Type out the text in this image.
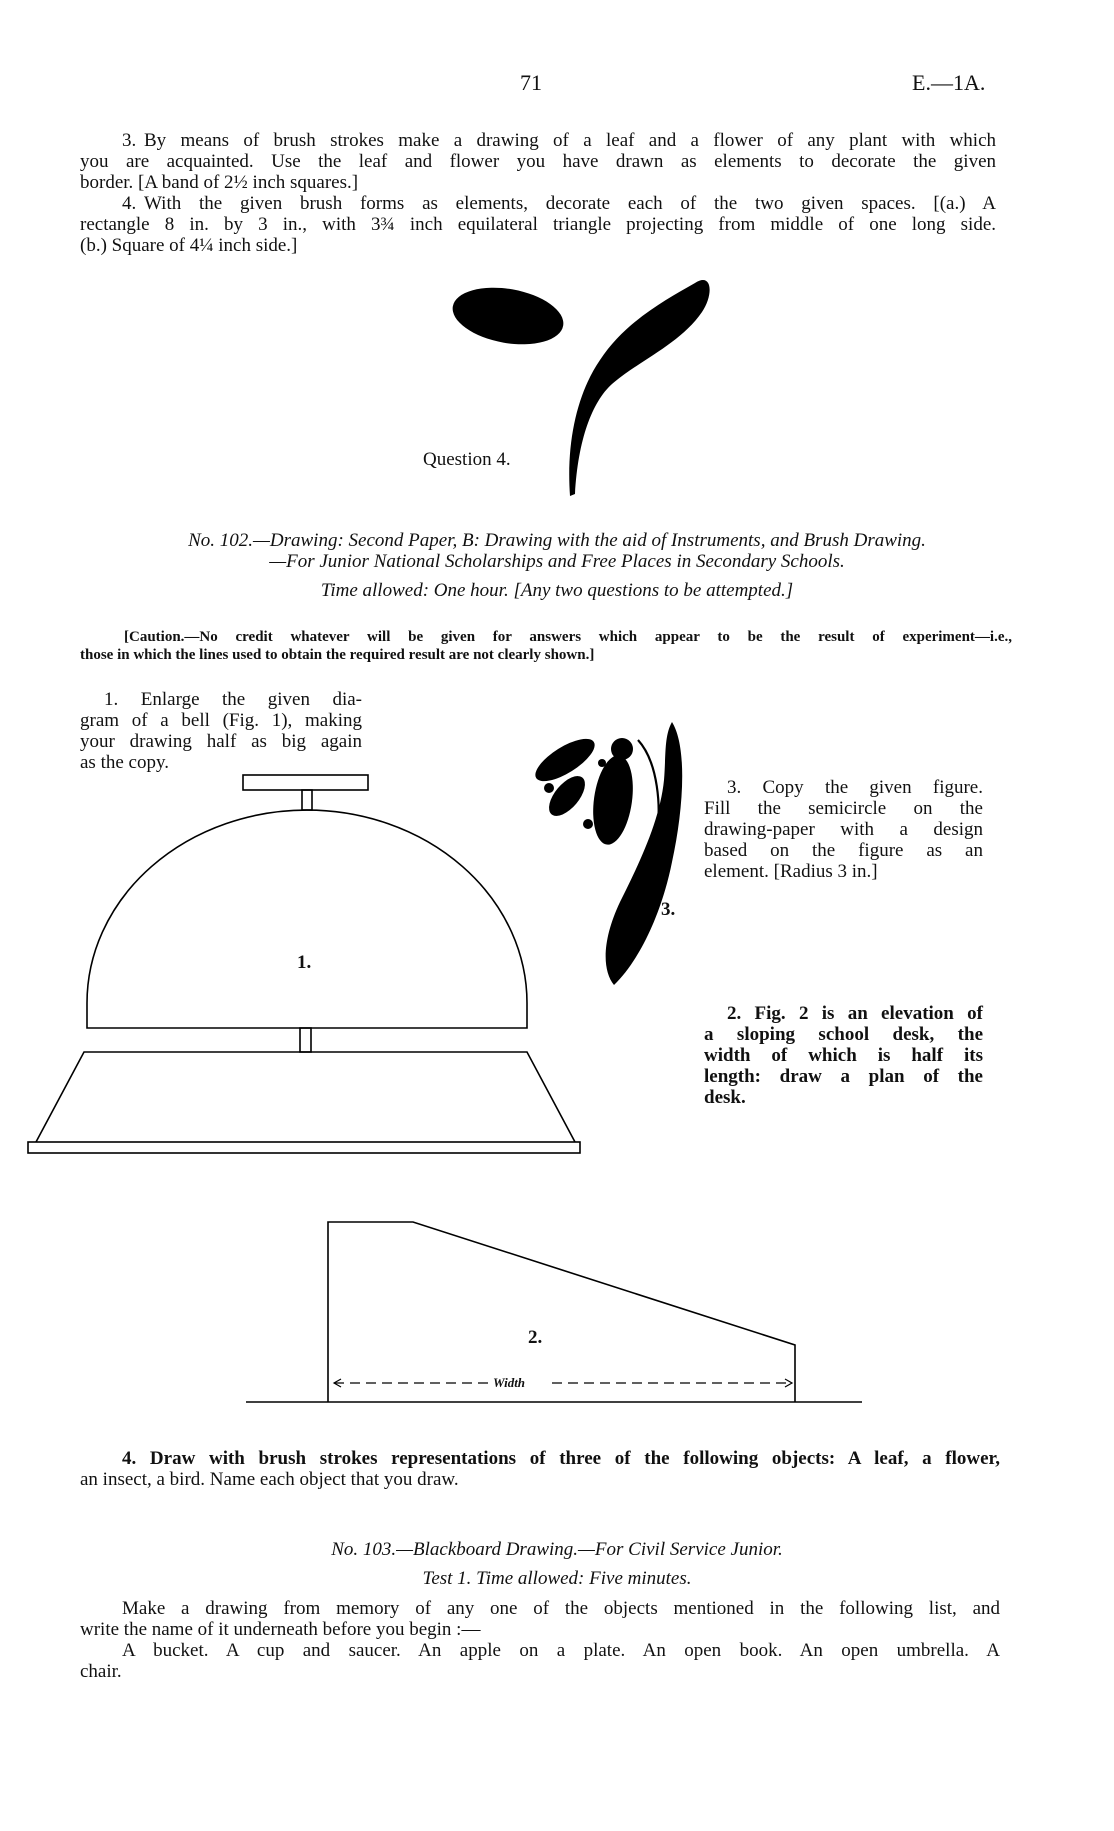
71	E.—1A.
3. By means of brush strokes make a drawing of a leaf and a flower of any plant with which
you are acquainted. Use the leaf and flower you have drawn as elements to decorate the given
border. [A band of 2½ inch squares.]
4. With the given brush forms as elements, decorate each of the two given spaces. [(a.) A
rectangle 8 in. by 3 in., with 3¾ inch equilateral triangle projecting from middle of one long side.
(b.) Square of 4¼ inch side.]
Question 4.
No. 102.—Drawing: Second Paper, B: Drawing with the aid of Instruments, and Brush Drawing.
—For Junior National Scholarships and Free Places in Secondary Schools.
Time allowed: One hour. [Any two questions to be attempted.]
[Caution.—No credit whatever will be given for answers which appear to be the result of experiment—i.e.,
those in which the lines used to obtain the required result are not clearly shown.]
1. Enlarge the given dia-
gram of a bell (Fig. 1), making
your drawing half as big again
as the copy.
1.
3.
2.
Width
3. Copy the given figure.
Fill the semicircle on the
drawing-paper with a design
based on the figure as an
element. [Radius 3 in.]
2. Fig. 2 is an elevation of
a sloping school desk, the
width of which is half its
length: draw a plan of the
desk.
4. Draw with brush strokes representations of three of the following objects: A leaf, a flower,
an insect, a bird. Name each object that you draw.
No. 103.—Blackboard Drawing.—For Civil Service Junior.
Test 1. Time allowed: Five minutes.
Make a drawing from memory of any one of the objects mentioned in the following list, and
write the name of it underneath before you begin :—
A bucket. A cup and saucer. An apple on a plate. An open book. An open umbrella. A
chair.
